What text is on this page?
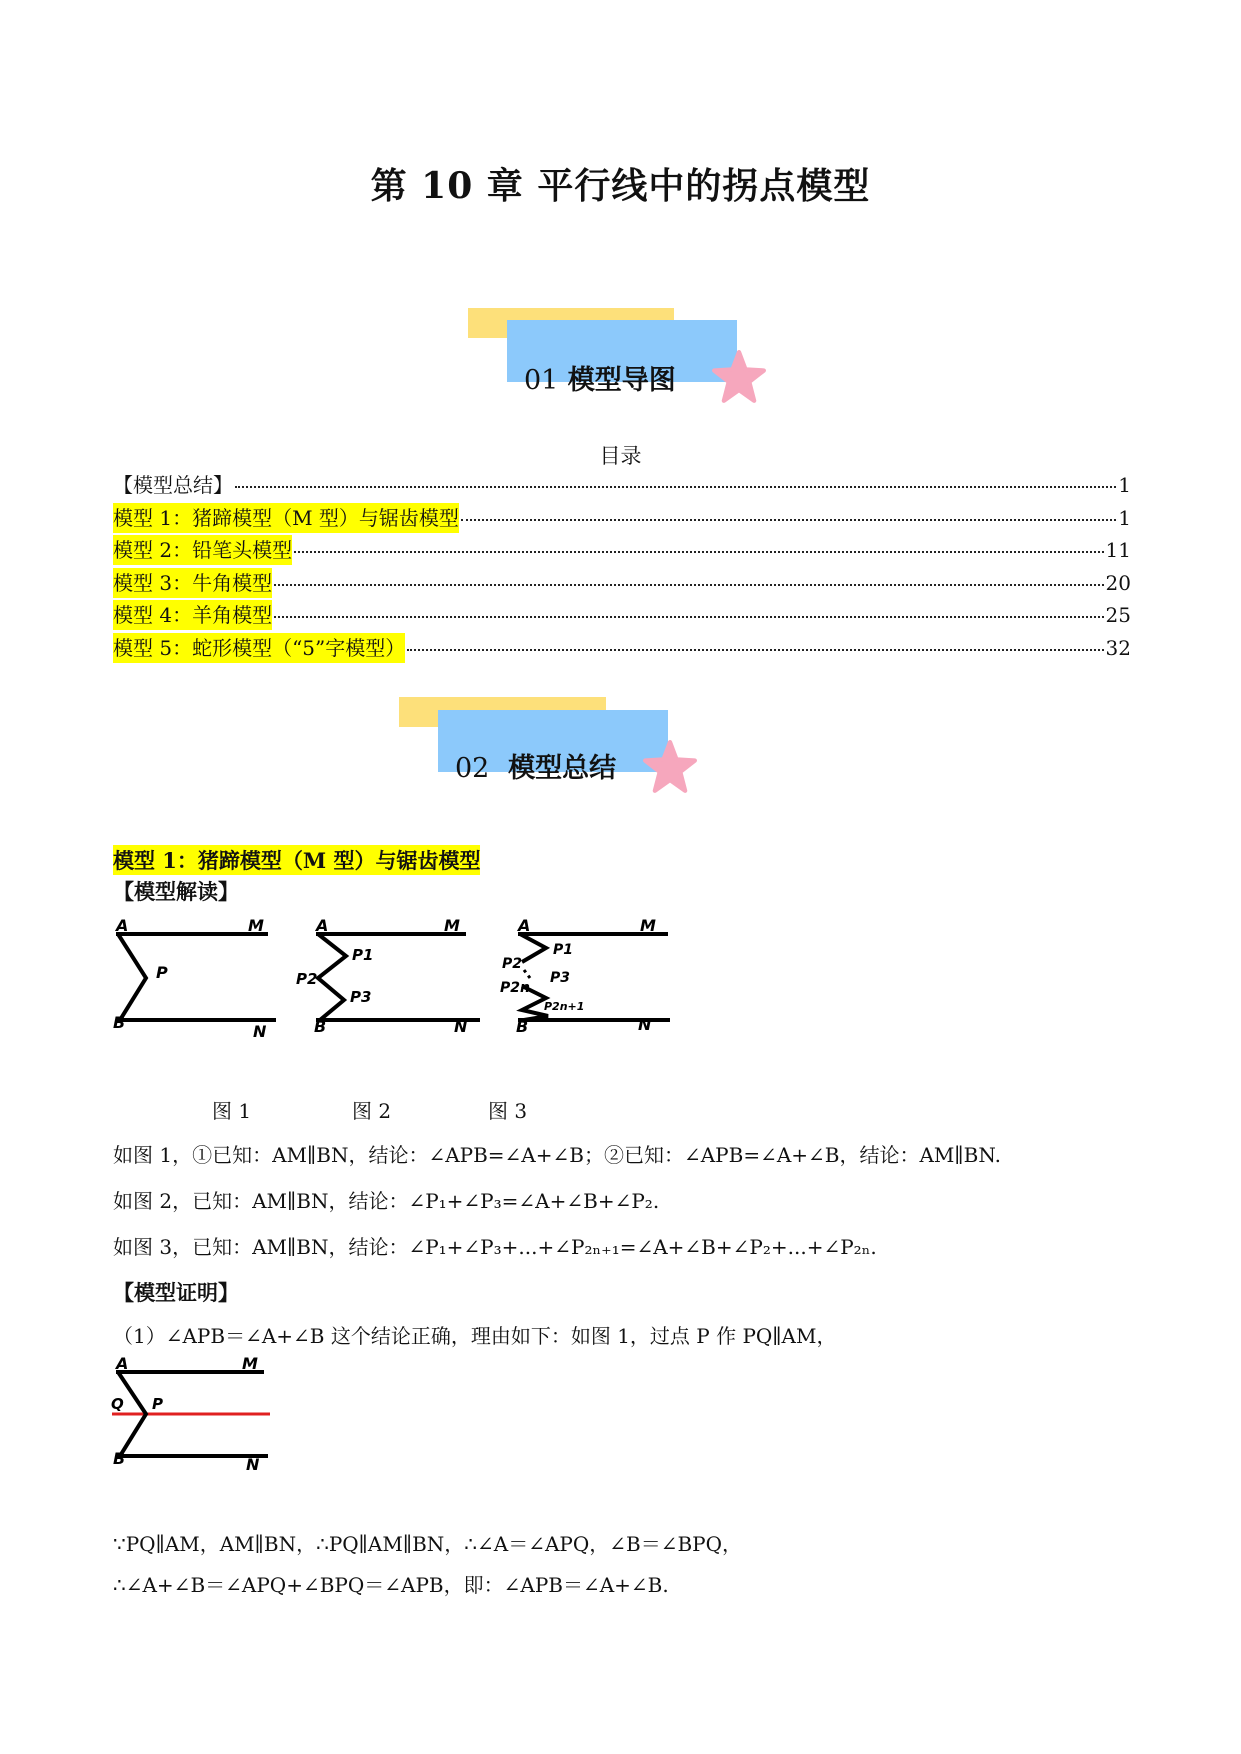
第 10 章 平行线中的拐点模型
01 模型导图
目录
【模型总结】	1
模型 1：猪蹄模型（M 型）与锯齿模型	1
模型 2：铅笔头模型	11
模型 3：牛角模型	20
模型 4：羊角模型	25
模型 5：蛇形模型（“5”字模型）	32
02 模型总结
模型 1：猪蹄模型（M 型）与锯齿模型
【模型解读】
A	M
P
B	N
A	M
P1
P2
P3
B	N
A	M
P1
P2
P3
P2n
P2n+1
B	N
图 1	图 2	图 3
如图 1，①已知：AM∥BN，结论：∠APB=∠A+∠B；②已知：∠APB=∠A+∠B，结论：AM∥BN.
如图 2，已知：AM∥BN，结论：∠P₁+∠P₃=∠A+∠B+∠P₂.
如图 3，已知：AM∥BN，结论：∠P₁+∠P₃+...+∠P₂ₙ₊₁=∠A+∠B+∠P₂+...+∠P₂ₙ.
【模型证明】
（1）∠APB＝∠A+∠B 这个结论正确，理由如下：如图 1，过点 P 作 PQ∥AM，
A	M
Q P
B	N
∵PQ∥AM，AM∥BN，∴PQ∥AM∥BN，∴∠A＝∠APQ，∠B＝∠BPQ，
∴∠A+∠B＝∠APQ+∠BPQ＝∠APB，即：∠APB＝∠A+∠B.
